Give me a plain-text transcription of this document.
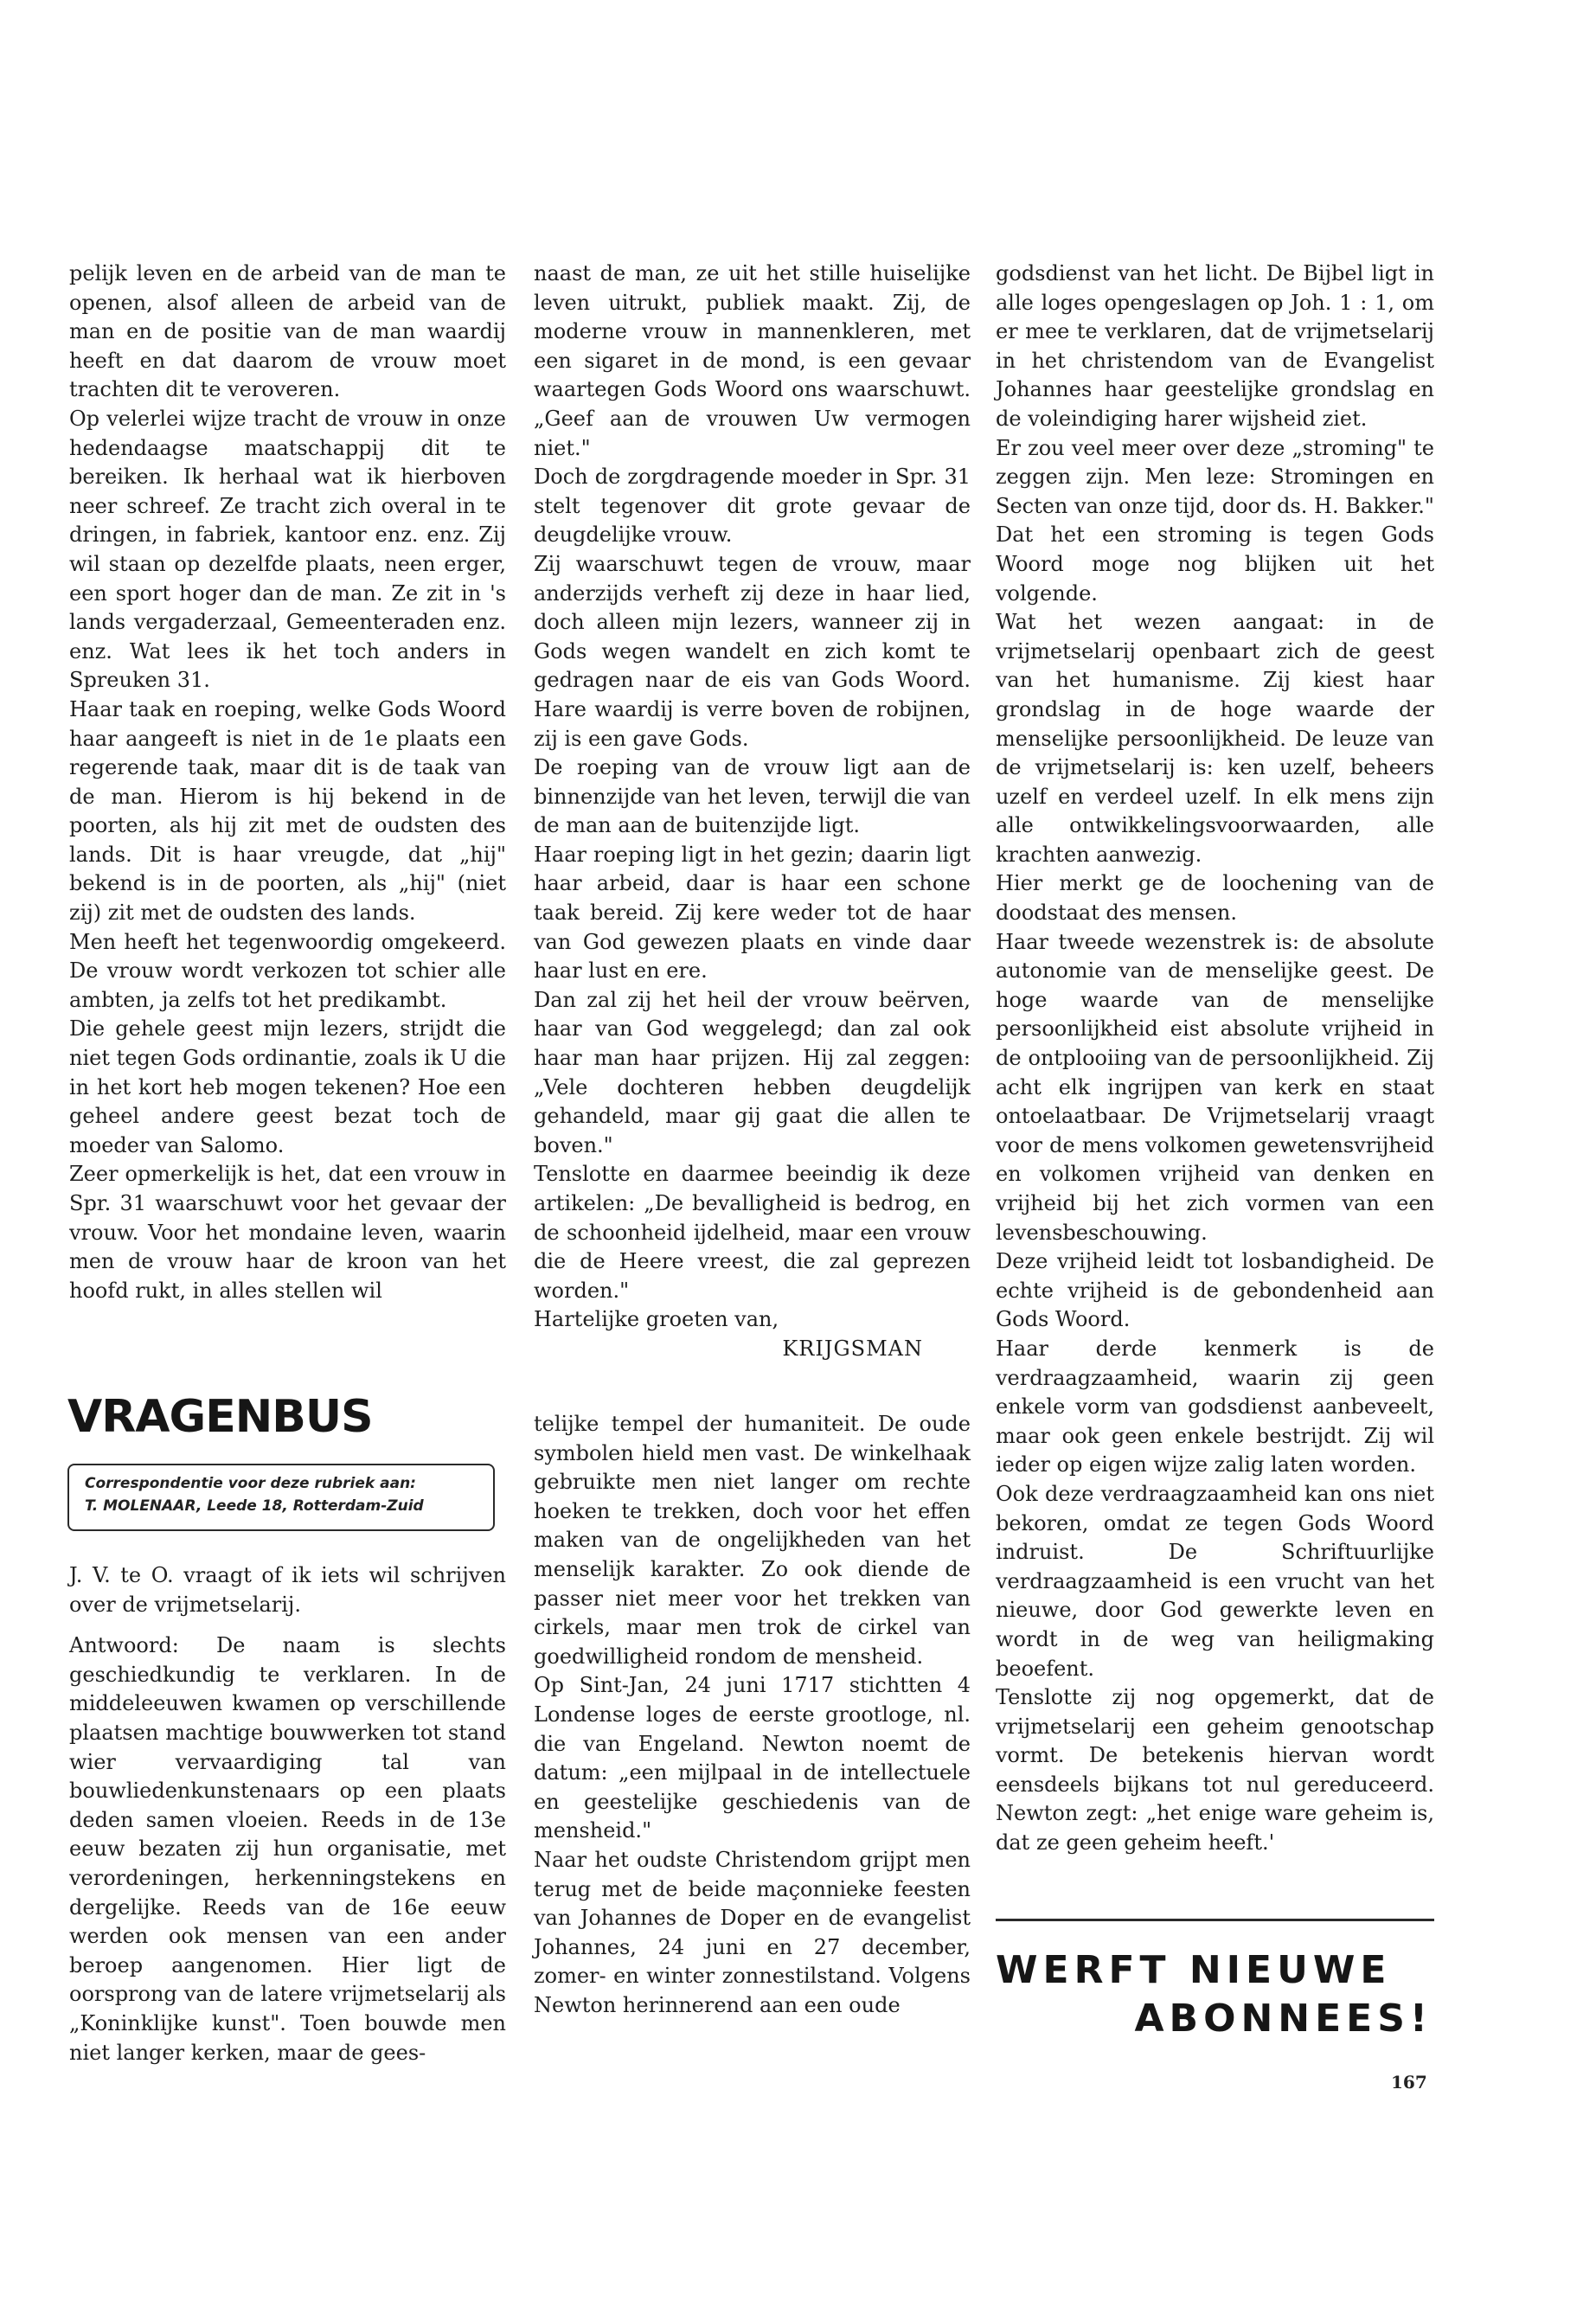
pelijk leven en de arbeid van de man te openen, alsof alleen de arbeid van de man en de positie van de man waardij heeft en dat daarom de vrouw moet trachten dit te veroveren.

Op velerlei wijze tracht de vrouw in onze hedendaagse maatschappij dit te bereiken. Ik herhaal wat ik hierboven neer schreef. Ze tracht zich overal in te dringen, in fabriek, kantoor enz. enz. Zij wil staan op dezelfde plaats, neen erger, een sport hoger dan de man. Ze zit in 's lands vergaderzaal, Gemeenteraden enz. enz. Wat lees ik het toch anders in Spreuken 31.

Haar taak en roeping, welke Gods Woord haar aangeeft is niet in de 1e plaats een regerende taak, maar dit is de taak van de man. Hierom is hij bekend in de poorten, als hij zit met de oudsten des lands. Dit is haar vreugde, dat „hij" bekend is in de poorten, als „hij" (niet zij) zit met de oudsten des lands.

Men heeft het tegenwoordig omgekeerd. De vrouw wordt verkozen tot schier alle ambten, ja zelfs tot het predikambt.

Die gehele geest mijn lezers, strijdt die niet tegen Gods ordinantie, zoals ik U die in het kort heb mogen tekenen? Hoe een geheel andere geest bezat toch de moeder van Salomo.

Zeer opmerkelijk is het, dat een vrouw in Spr. 31 waarschuwt voor het gevaar der vrouw. Voor het mondaine leven, waarin men de vrouw haar de kroon van het hoofd rukt, in alles stellen wil

naast de man, ze uit het stille huiselijke leven uitrukt, publiek maakt. Zij, de moderne vrouw in mannenkleren, met een sigaret in de mond, is een gevaar waartegen Gods Woord ons waarschuwt. „Geef aan de vrouwen Uw vermogen niet."

Doch de zorgdragende moeder in Spr. 31 stelt tegenover dit grote gevaar de deugdelijke vrouw.

Zij waarschuwt tegen de vrouw, maar anderzijds verheft zij deze in haar lied, doch alleen mijn lezers, wanneer zij in Gods wegen wandelt en zich komt te gedragen naar de eis van Gods Woord. Hare waardij is verre boven de robijnen, zij is een gave Gods.

De roeping van de vrouw ligt aan de binnenzijde van het leven, terwijl die van de man aan de buitenzijde ligt.

Haar roeping ligt in het gezin; daarin ligt haar arbeid, daar is haar een schone taak bereid. Zij kere weder tot de haar van God gewezen plaats en vinde daar haar lust en ere.

Dan zal zij het heil der vrouw beërven, haar van God weggelegd; dan zal ook haar man haar prijzen. Hij zal zeggen: „Vele dochteren hebben deugdelijk gehandeld, maar gij gaat die allen te boven."

Tenslotte en daarmee beeindig ik deze artikelen: „De bevalligheid is bedrog, en de schoonheid ijdelheid, maar een vrouw die de Heere vreest, die zal geprezen worden."

Hartelijke groeten van,

KRIJGSMAN

godsdienst van het licht. De Bijbel ligt in alle loges opengeslagen op Joh. 1 : 1, om er mee te verklaren, dat de vrijmetselarij in het christendom van de Evangelist Johannes haar geestelijke grondslag en de voleindiging harer wijsheid ziet.

Er zou veel meer over deze „stroming" te zeggen zijn. Men leze: Stromingen en Secten van onze tijd, door ds. H. Bakker."

Dat het een stroming is tegen Gods Woord moge nog blijken uit het volgende.

Wat het wezen aangaat: in de vrijmetselarij openbaart zich de geest van het humanisme. Zij kiest haar grondslag in de hoge waarde der menselijke persoonlijkheid. De leuze van de vrijmetselarij is: ken uzelf, beheers uzelf en verdeel uzelf. In elk mens zijn alle ontwikkelingsvoorwaarden, alle krachten aanwezig.

Hier merkt ge de loochening van de doodstaat des mensen.

Haar tweede wezenstrek is: de absolute autonomie van de menselijke geest. De hoge waarde van de menselijke persoonlijkheid eist absolute vrijheid in de ontplooiing van de persoonlijkheid. Zij acht elk ingrijpen van kerk en staat ontoelaatbaar. De Vrijmetselarij vraagt voor de mens volkomen gewetensvrijheid en volkomen vrijheid van denken en vrijheid bij het zich vormen van een levensbeschouwing.

Deze vrijheid leidt tot losbandigheid. De echte vrijheid is de gebondenheid aan Gods Woord.

Haar derde kenmerk is de verdraagzaamheid, waarin zij geen enkele vorm van godsdienst aanbeveelt, maar ook geen enkele bestrijdt. Zij wil ieder op eigen wijze zalig laten worden.

Ook deze verdraagzaamheid kan ons niet bekoren, omdat ze tegen Gods Woord indruist. De Schriftuurlijke verdraagzaamheid is een vrucht van het nieuwe, door God gewerkte leven en wordt in de weg van heiligmaking beoefent.

Tenslotte zij nog opgemerkt, dat de vrijmetselarij een geheim genootschap vormt. De betekenis hiervan wordt eensdeels bijkans tot nul gereduceerd. Newton zegt: „het enige ware geheim is, dat ze geen geheim heeft.'

VRAGENBUS
Correspondentie voor deze rubriek aan:
T. MOLENAAR, Leede 18, Rotterdam-Zuid

J. V. te O. vraagt of ik iets wil schrijven over de vrijmetselarij.

Antwoord: De naam is slechts geschiedkundig te verklaren. In de middeleeuwen kwamen op verschillende plaatsen machtige bouwwerken tot stand wier vervaardiging tal van bouwliedenkunstenaars op een plaats deden samen vloeien. Reeds in de 13e eeuw bezaten zij hun organisatie, met verordeningen, herkenningstekens en dergelijke. Reeds van de 16e eeuw werden ook mensen van een ander beroep aangenomen. Hier ligt de oorsprong van de latere vrijmetselarij als „Koninklijke kunst". Toen bouwde men niet langer kerken, maar de gees-

telijke tempel der humaniteit. De oude symbolen hield men vast. De winkelhaak gebruikte men niet langer om rechte hoeken te trekken, doch voor het effen maken van de ongelijkheden van het menselijk karakter. Zo ook diende de passer niet meer voor het trekken van cirkels, maar men trok de cirkel van goedwilligheid rondom de mensheid.

Op Sint-Jan, 24 juni 1717 stichtten 4 Londense loges de eerste grootloge, nl. die van Engeland. Newton noemt de datum: „een mijlpaal in de intellectuele en geestelijke geschiedenis van de mensheid."

Naar het oudste Christendom grijpt men terug met de beide maçonnieke feesten van Johannes de Doper en de evangelist Johannes, 24 juni en 27 december, zomer- en winter zonnestilstand. Volgens Newton herinnerend aan een oude

WERFT NIEUWE
ABONNEES!
167
